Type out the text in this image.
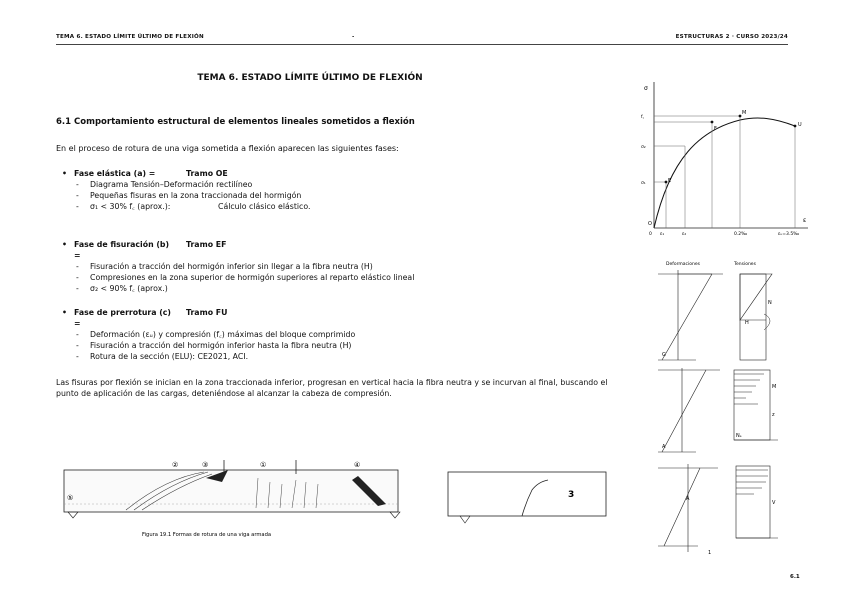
TEMA 6. ESTADO LÍMITE ÚLTIMO DE FLEXIÓN	-	ESTRUCTURAS 2 · CURSO 2023/24
TEMA 6. ESTADO LÍMITE ÚLTIMO DE FLEXIÓN
6.1 Comportamiento estructural de elementos lineales sometidos a flexión
En el proceso de rotura de una viga sometida a flexión aparecen las siguientes fases:
• Fase elástica (a) =	Tramo OE
- Diagrama Tensión–Deformación rectilíneo
- Pequeñas fisuras en la zona traccionada del hormigón
- σ₁ < 30% f꜀ (aprox.):	Cálculo clásico elástico.
• Fase de fisuración (b) =
Tramo EF
- Fisuración a tracción del hormigón inferior sin llegar a la fibra neutra (H)
- Compresiones en la zona superior de hormigón superiores al reparto elástico lineal
- σ₂ < 90% f꜀ (aprox.)
• Fase de prerrotura (c) =
Tramo FU
- Deformación (εᵤ) y compresión (f꜀) máximas del bloque comprimido
- Fisuración a tracción del hormigón inferior hasta la fibra neutra (H)
- Rotura de la sección (ELU): CE2021, ACI.
Las fisuras por flexión se inician en la zona traccionada inferior, progresan en vertical hacia la fibra neutra y se incurvan al final, buscando el punto de aplicación de las cargas, deteniéndose al alcanzar la cabeza de compresión.
σ
ε
f꜀
σ₂
σ₁
0 ε₁	ε₂	0.2‰	εᵤ=3.5‰
O
E
F
M
U
Deformaciones	Tensiones
H
G
N
A
M
Nₛ
z
A
1
V
②	③	①	④
⑤
Figura 19.1 Formas de rotura de una viga armada
3
6.1
